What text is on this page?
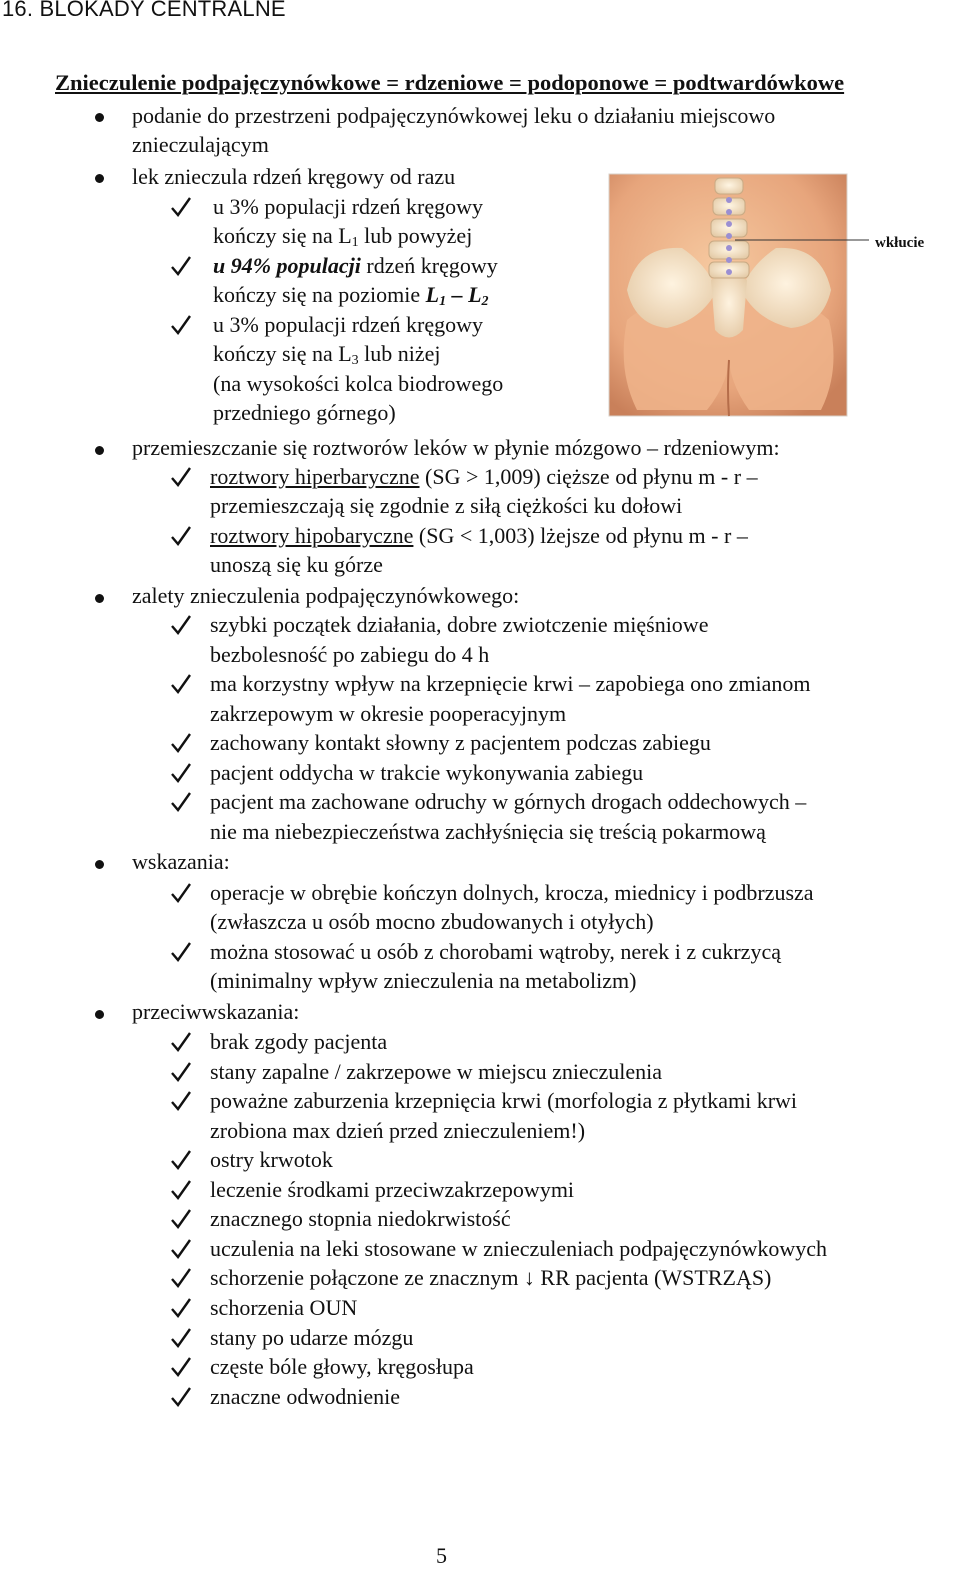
16. BLOKADY CENTRALNE
Znieczulenie podpajęczynówkowe = rdzeniowe = podoponowe = podtwardówkowe
podanie do przestrzeni podpajęczynówkowej leku o działaniu miejscowo
znieczulającym
lek znieczula rdzeń kręgowy od razu
u 3% populacji rdzeń kręgowy
kończy się na $L_1$ lub powyżej
u 94% populacji rdzeń kręgowy
kończy się na poziomie $L_1 - L_2$
u 3% populacji rdzeń kręgowy
kończy się na $L_3$ lub niżej
(na wysokości kolca biodrowego
przedniego górnego)
wkłucie
przemieszczanie się roztworów leków w płynie mózgowo – rdzeniowym:
roztwory hiperbaryczne (SG > 1,009) cięższe od płynu m - r –
przemieszczają się zgodnie z siłą ciężkości ku dołowi
roztwory hipobaryczne (SG < 1,003) lżejsze od płynu m - r –
unoszą się ku górze
zalety znieczulenia podpajęczynówkowego:
szybki początek działania, dobre zwiotczenie mięśniowe
bezbolesność po zabiegu do 4 h
ma korzystny wpływ na krzepnięcie krwi – zapobiega ono zmianom
zakrzepowym w okresie pooperacyjnym
zachowany kontakt słowny z pacjentem podczas zabiegu
pacjent oddycha w trakcie wykonywania zabiegu
pacjent ma zachowane odruchy w górnych drogach oddechowych –
nie ma niebezpieczeństwa zachłyśnięcia się treścią pokarmową
wskazania:
operacje w obrębie kończyn dolnych, krocza, miednicy i podbrzusza
(zwłaszcza u osób mocno zbudowanych i otyłych)
można stosować u osób z chorobami wątroby, nerek i z cukrzycą
(minimalny wpływ znieczulenia na metabolizm)
przeciwwskazania:
brak zgody pacjenta
stany zapalne / zakrzepowe w miejscu znieczulenia
poważne zaburzenia krzepnięcia krwi (morfologia z płytkami krwi
zrobiona max dzień przed znieczuleniem!)
ostry krwotok
leczenie środkami przeciwzakrzepowymi
znacznego stopnia niedokrwistość
uczulenia na leki stosowane w znieczuleniach podpajęczynówkowych
schorzenie połączone ze znacznym ↓ RR pacjenta (WSTRZĄS)
schorzenia OUN
stany po udarze mózgu
częste bóle głowy, kręgosłupa
znaczne odwodnienie
5
